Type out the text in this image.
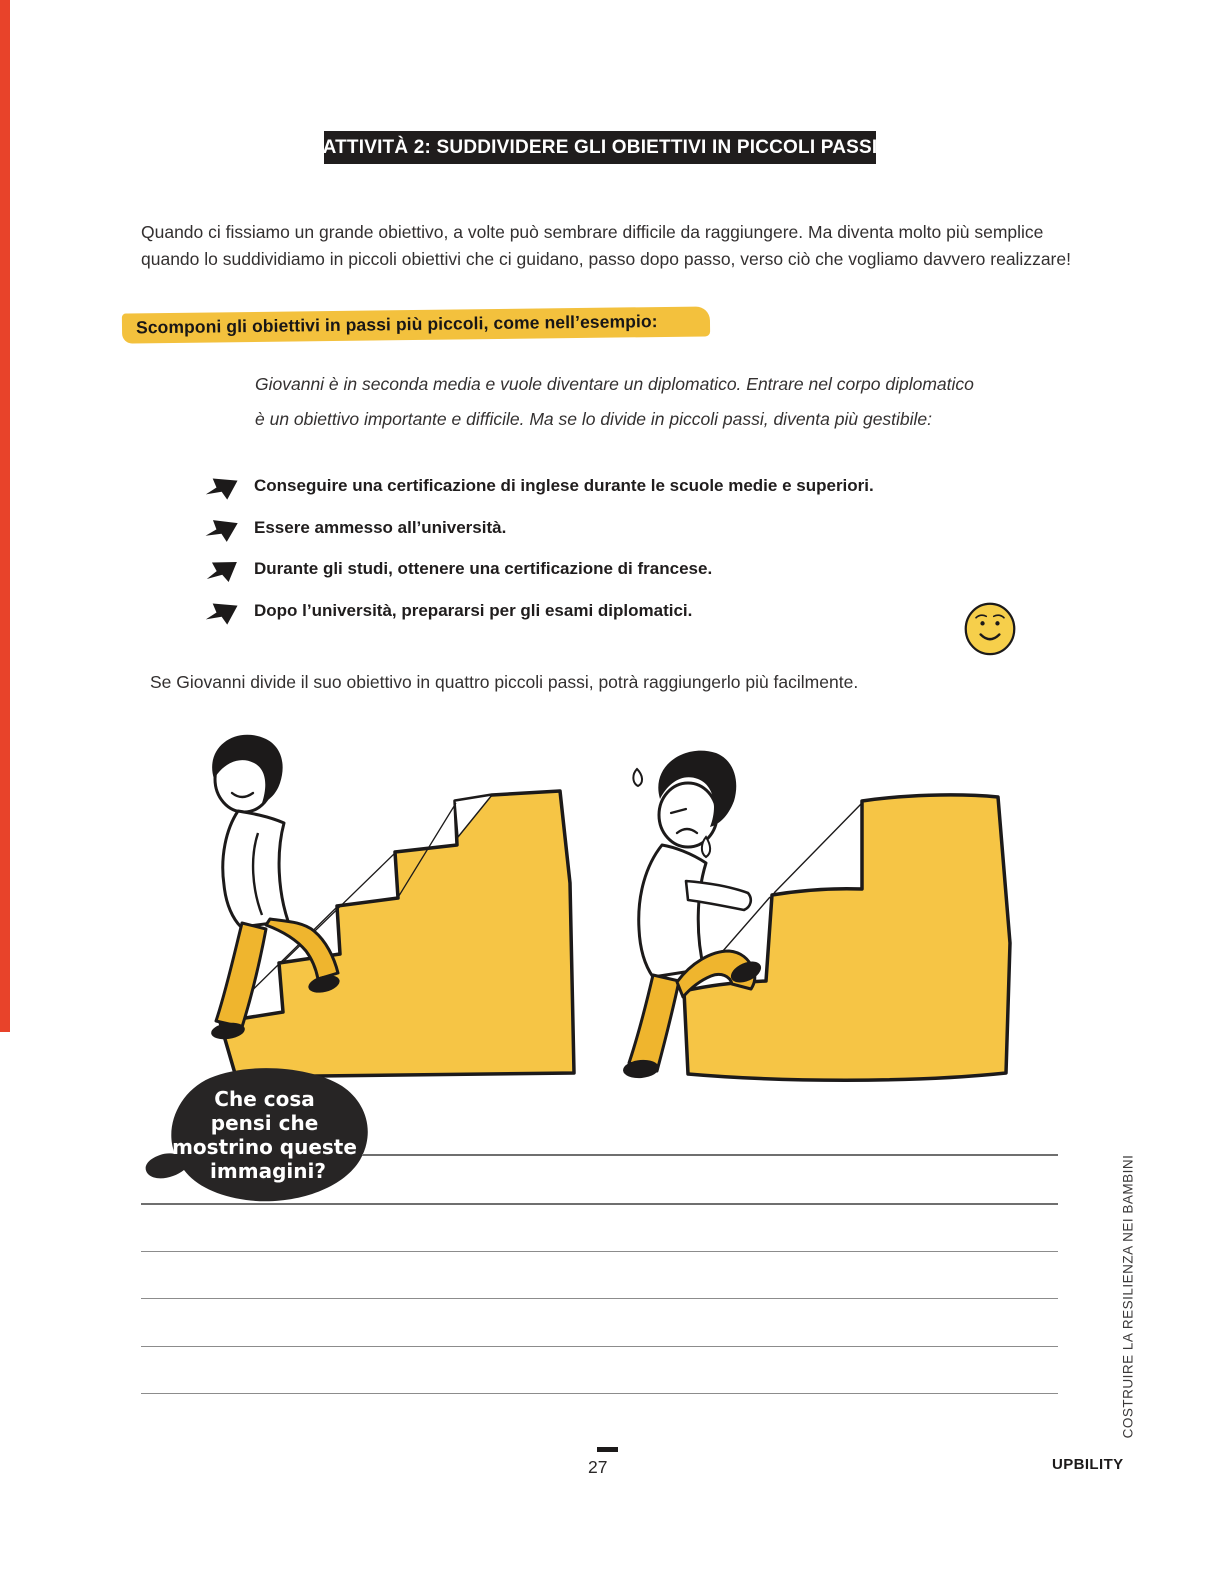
ATTIVITÀ 2: SUDDIVIDERE GLI OBIETTIVI IN PICCOLI PASSI

Quando ci fissiamo un grande obiettivo, a volte può sembrare difficile da raggiungere. Ma diventa molto più semplice quando lo suddividiamo in piccoli obiettivi che ci guidano, passo dopo passo, verso ciò che vogliamo davvero realizzare!

Scomponi gli obiettivi in passi più piccoli, come nell’esempio:

Giovanni è in seconda media e vuole diventare un diplomatico. Entrare nel corpo diplomatico è un obiettivo importante e difficile. Ma se lo divide in piccoli passi, diventa più gestibile:

Conseguire una certificazione di inglese durante le scuole medie e superiori.
Essere ammesso all’università.
Durante gli studi, ottenere una certificazione di francese.
Dopo l’università, prepararsi per gli esami diplomatici.

Se Giovanni divide il suo obiettivo in quattro piccoli passi, potrà raggiungerlo più facilmente.

Che cosa pensi che mostrino queste immagini?	COSTRUIRE LA RESILIENZA NEI BAMBINI
27	UPBILITY
